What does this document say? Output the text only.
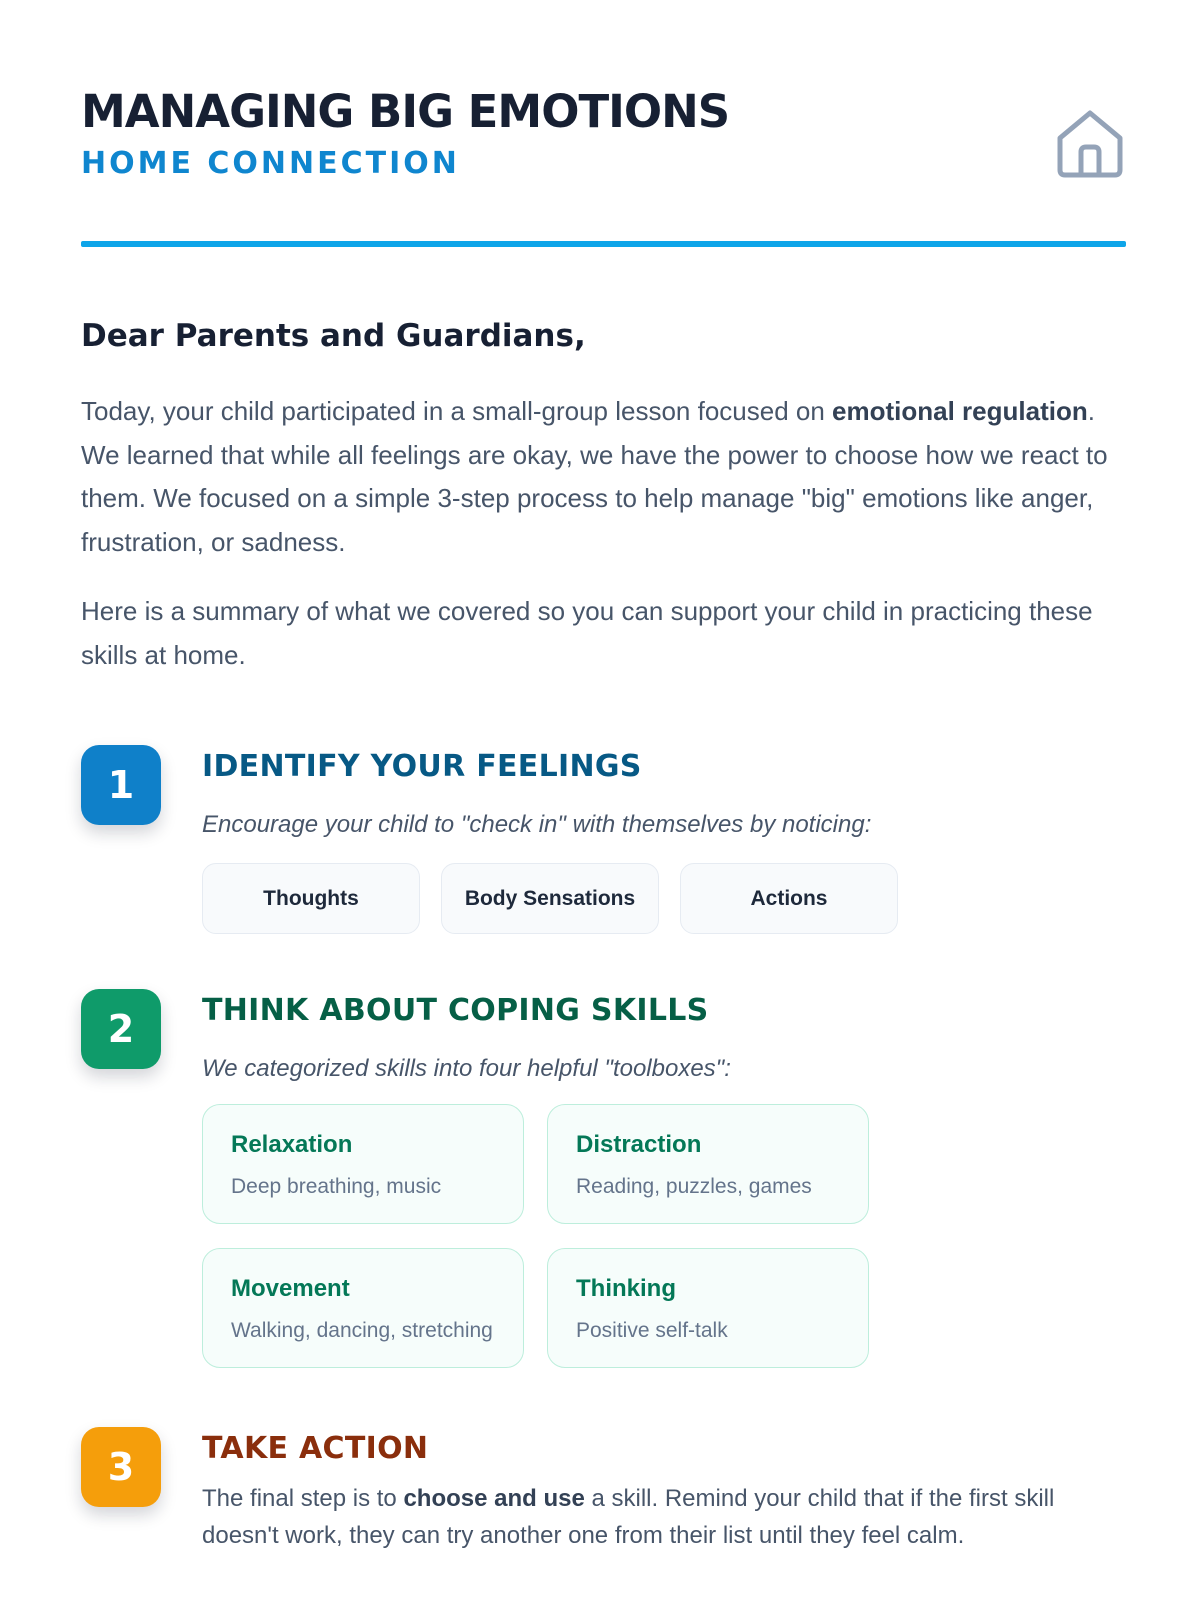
MANAGING BIG EMOTIONS
HOME CONNECTION
Dear Parents and Guardians,

Today, your child participated in a small-group lesson focused on emotional regulation. We learned that while all feelings are okay, we have the power to choose how we react to them. We focused on a simple 3-step process to help manage "big" emotions like anger, frustration, or sadness.

Here is a summary of what we covered so you can support your child in practicing these skills at home.

1	IDENTIFY YOUR FEELINGS

Encourage your child to "check in" with themselves by noticing:

Thoughts	Body Sensations	Actions
2	THINK ABOUT COPING SKILLS

We categorized skills into four helpful "toolboxes":

Relaxation
Deep breathing, music
Distraction
Reading, puzzles, games
Movement
Walking, dancing, stretching
Thinking
Positive self-talk
3	TAKE ACTION

The final step is to choose and use a skill. Remind your child that if the first skill doesn't work, they can try another one from their list until they feel calm.
